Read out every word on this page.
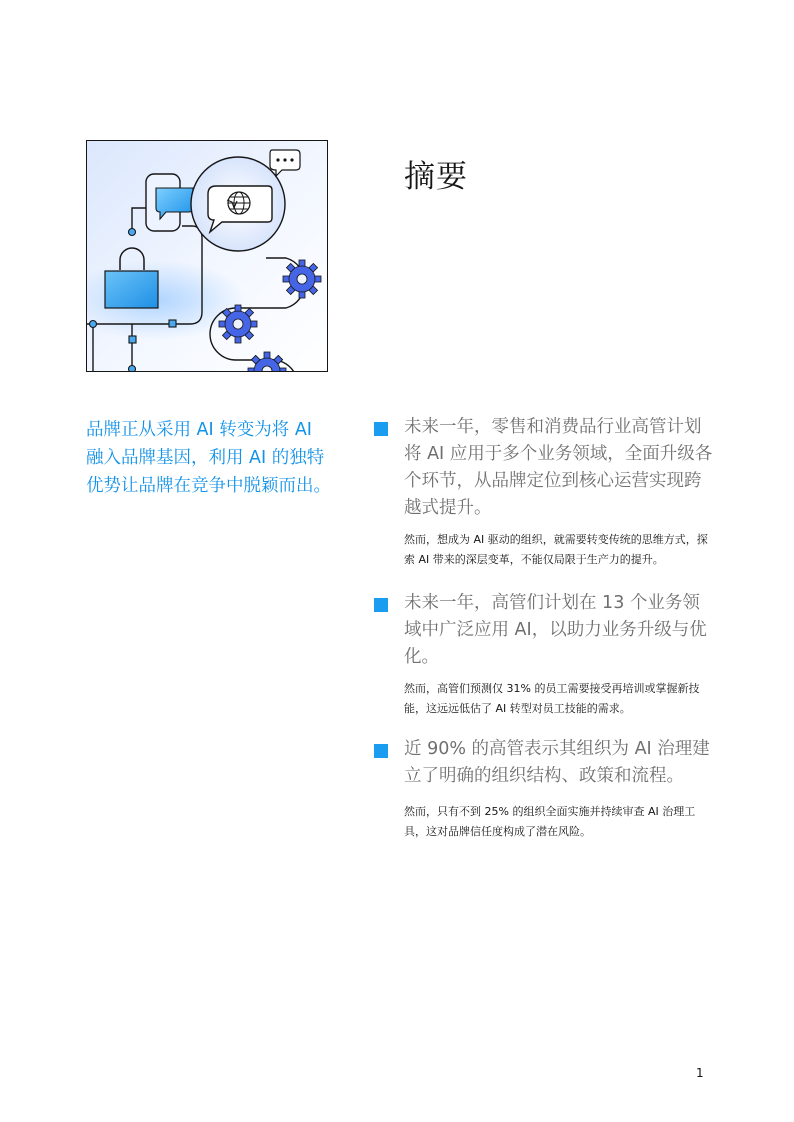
摘要

品牌正从采用 AI 转变为将 AI 融入品牌基因，利用 AI 的独特优势让品牌在竞争中脱颖而出。

未来一年，零售和消费品行业高管计划将 AI 应用于多个业务领域，全面升级各个环节，从品牌定位到核心运营实现跨越式提升。
然而，想成为 AI 驱动的组织，就需要转变传统的思维方式，探索 AI 带来的深层变革，不能仅局限于生产力的提升。
未来一年，高管们计划在 13 个业务领域中广泛应用 AI，以助力业务升级与优化。
然而，高管们预测仅 31% 的员工需要接受再培训或掌握新技能，这远远低估了 AI 转型对员工技能的需求。
近 90% 的高管表示其组织为 AI 治理建立了明确的组织结构、政策和流程。
然而，只有不到 25% 的组织全面实施并持续审查 AI 治理工具，这对品牌信任度构成了潜在风险。
1
